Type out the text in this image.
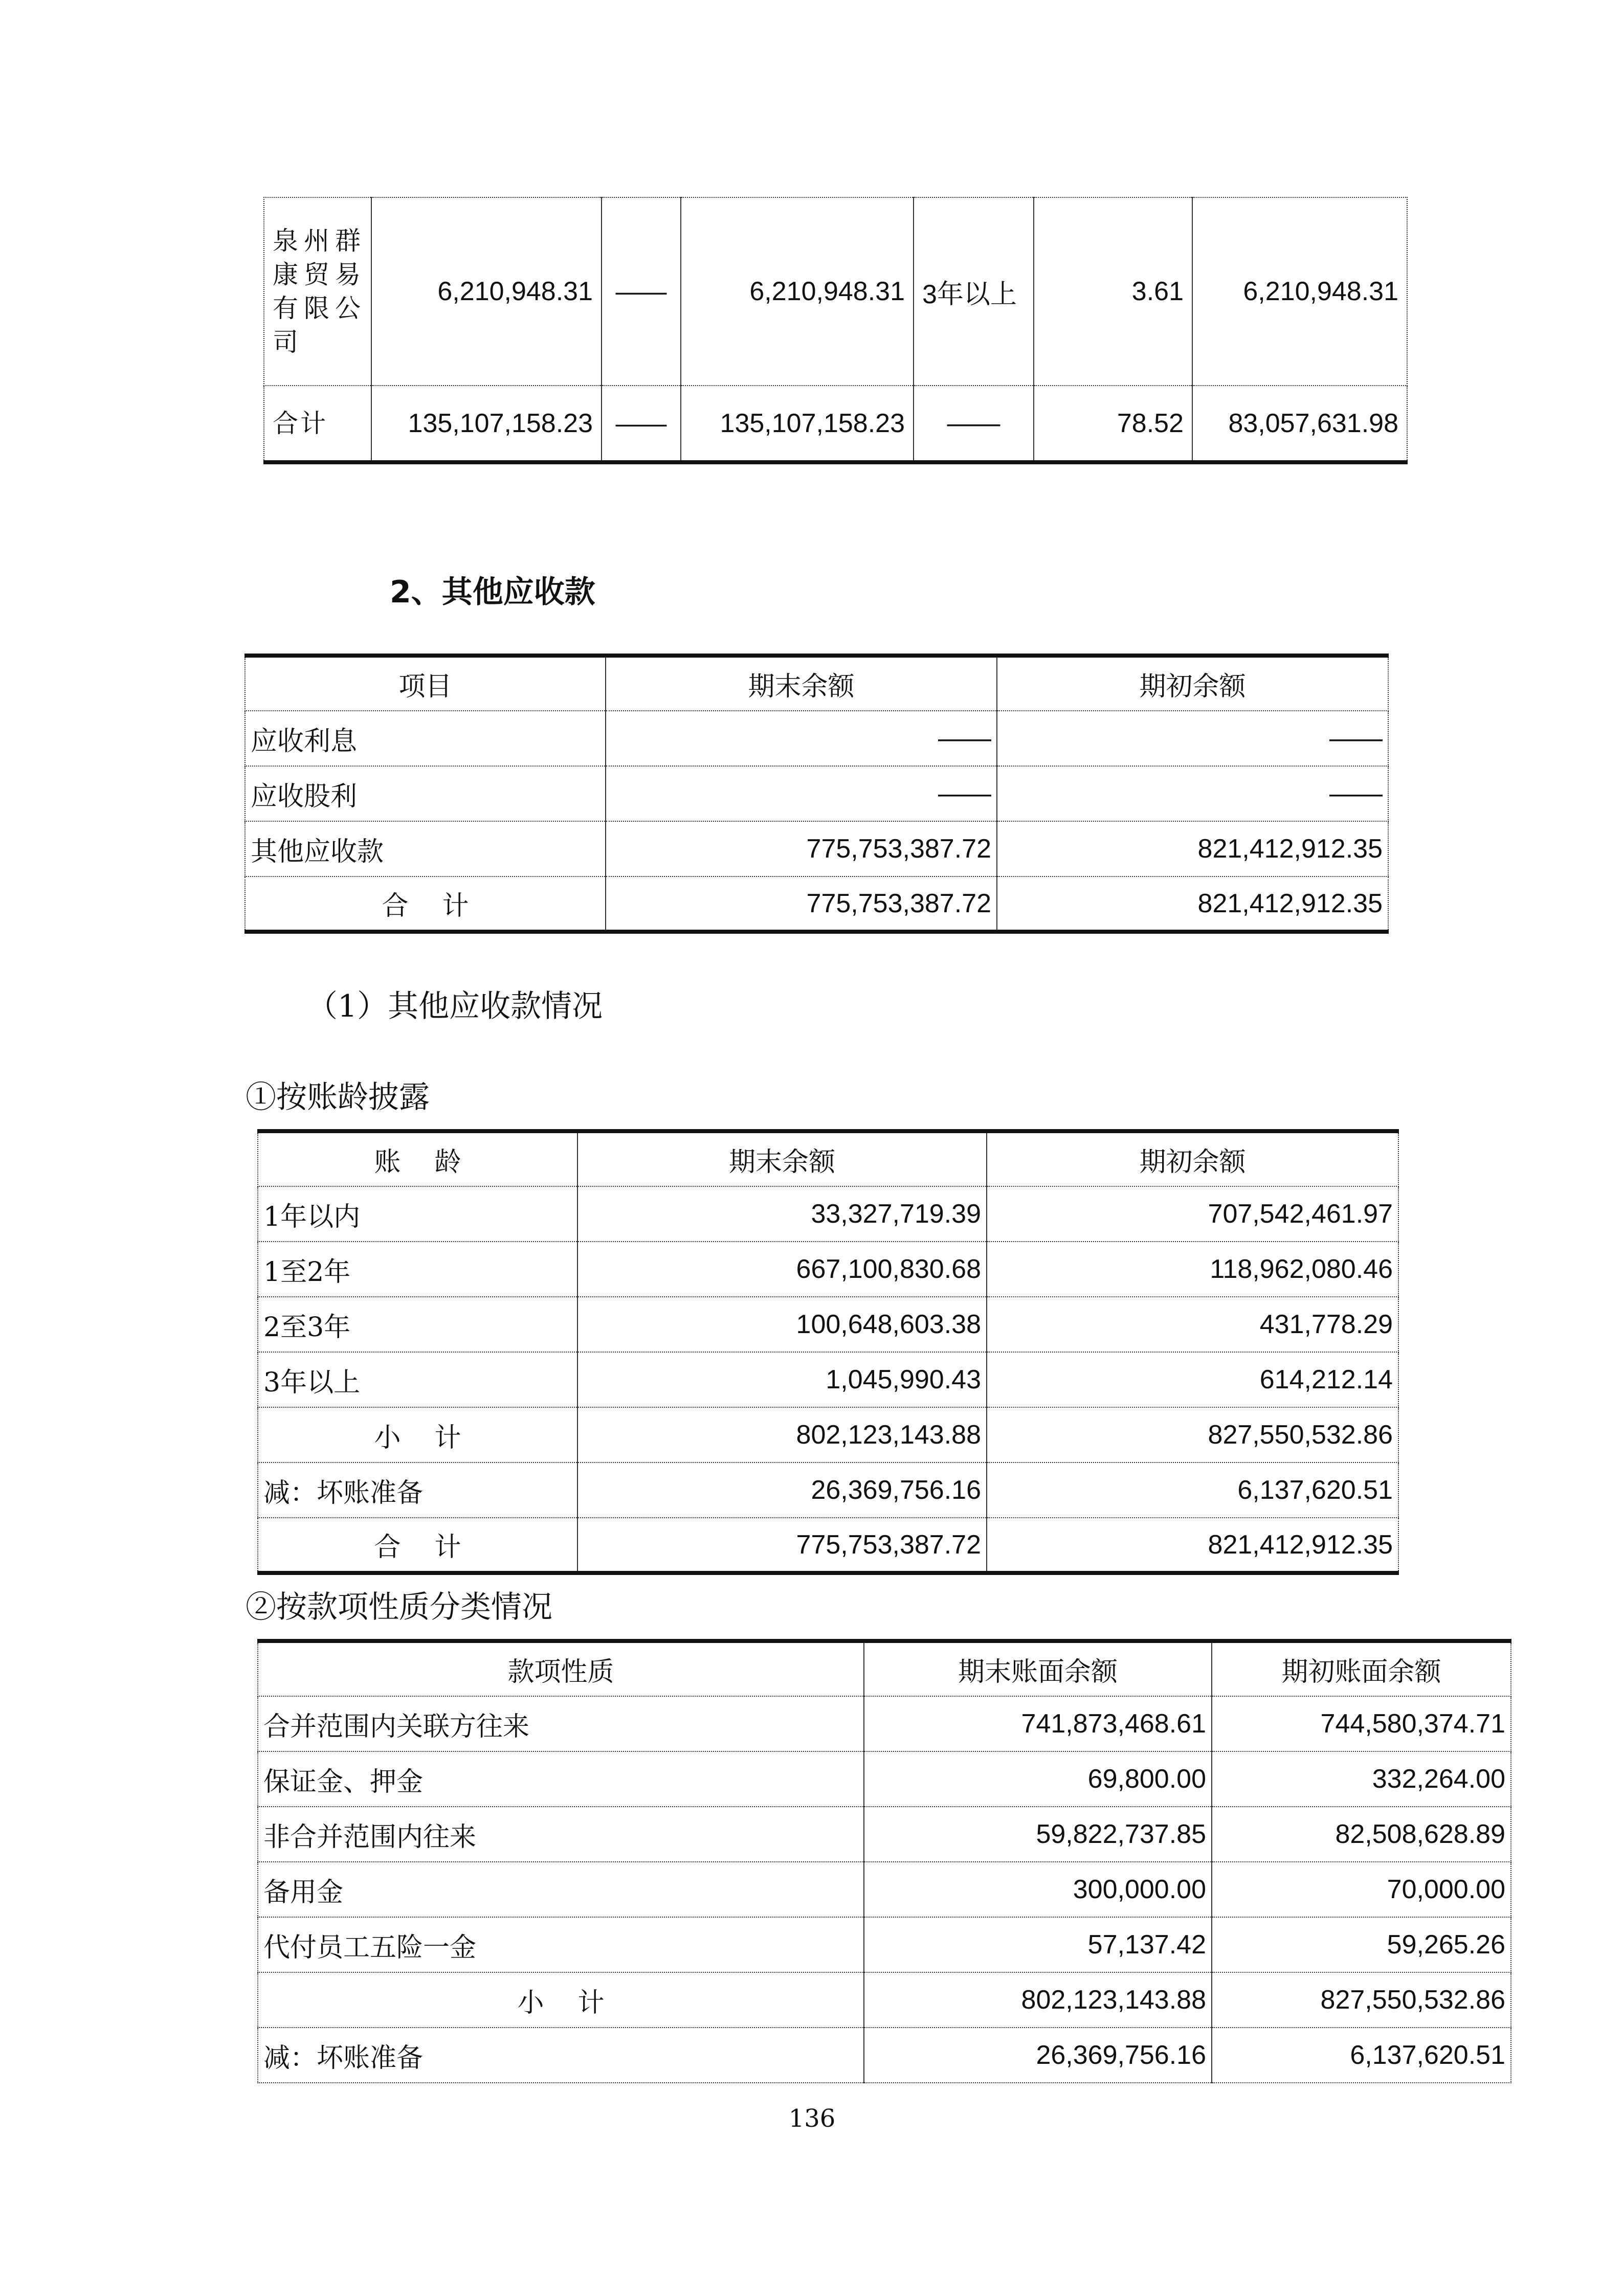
泉州群康贸易有限公司	6,210,948.31	——	6,210,948.31	3年以上	3.61	6,210,948.31
合计	135,107,158.23	——	135,107,158.23	——	78.52	83,057,631.98
2、其他应收款
项目	期末余额	期初余额
应收利息	——	——
应收股利	——	——
其他应收款	775,753,387.72	821,412,912.35
合    计	775,753,387.72	821,412,912.35
（1）其他应收款情况
①按账龄披露
账    龄	期末余额	期初余额
1年以内	33,327,719.39	707,542,461.97
1至2年	667,100,830.68	118,962,080.46
2至3年	100,648,603.38	431,778.29
3年以上	1,045,990.43	614,212.14
小    计	802,123,143.88	827,550,532.86
减：坏账准备	26,369,756.16	6,137,620.51
合    计	775,753,387.72	821,412,912.35
②按款项性质分类情况
款项性质	期末账面余额	期初账面余额
合并范围内关联方往来	741,873,468.61	744,580,374.71
保证金、押金	69,800.00	332,264.00
非合并范围内往来	59,822,737.85	82,508,628.89
备用金	300,000.00	70,000.00
代付员工五险一金	57,137.42	59,265.26
小    计	802,123,143.88	827,550,532.86
减：坏账准备	26,369,756.16	6,137,620.51
136
